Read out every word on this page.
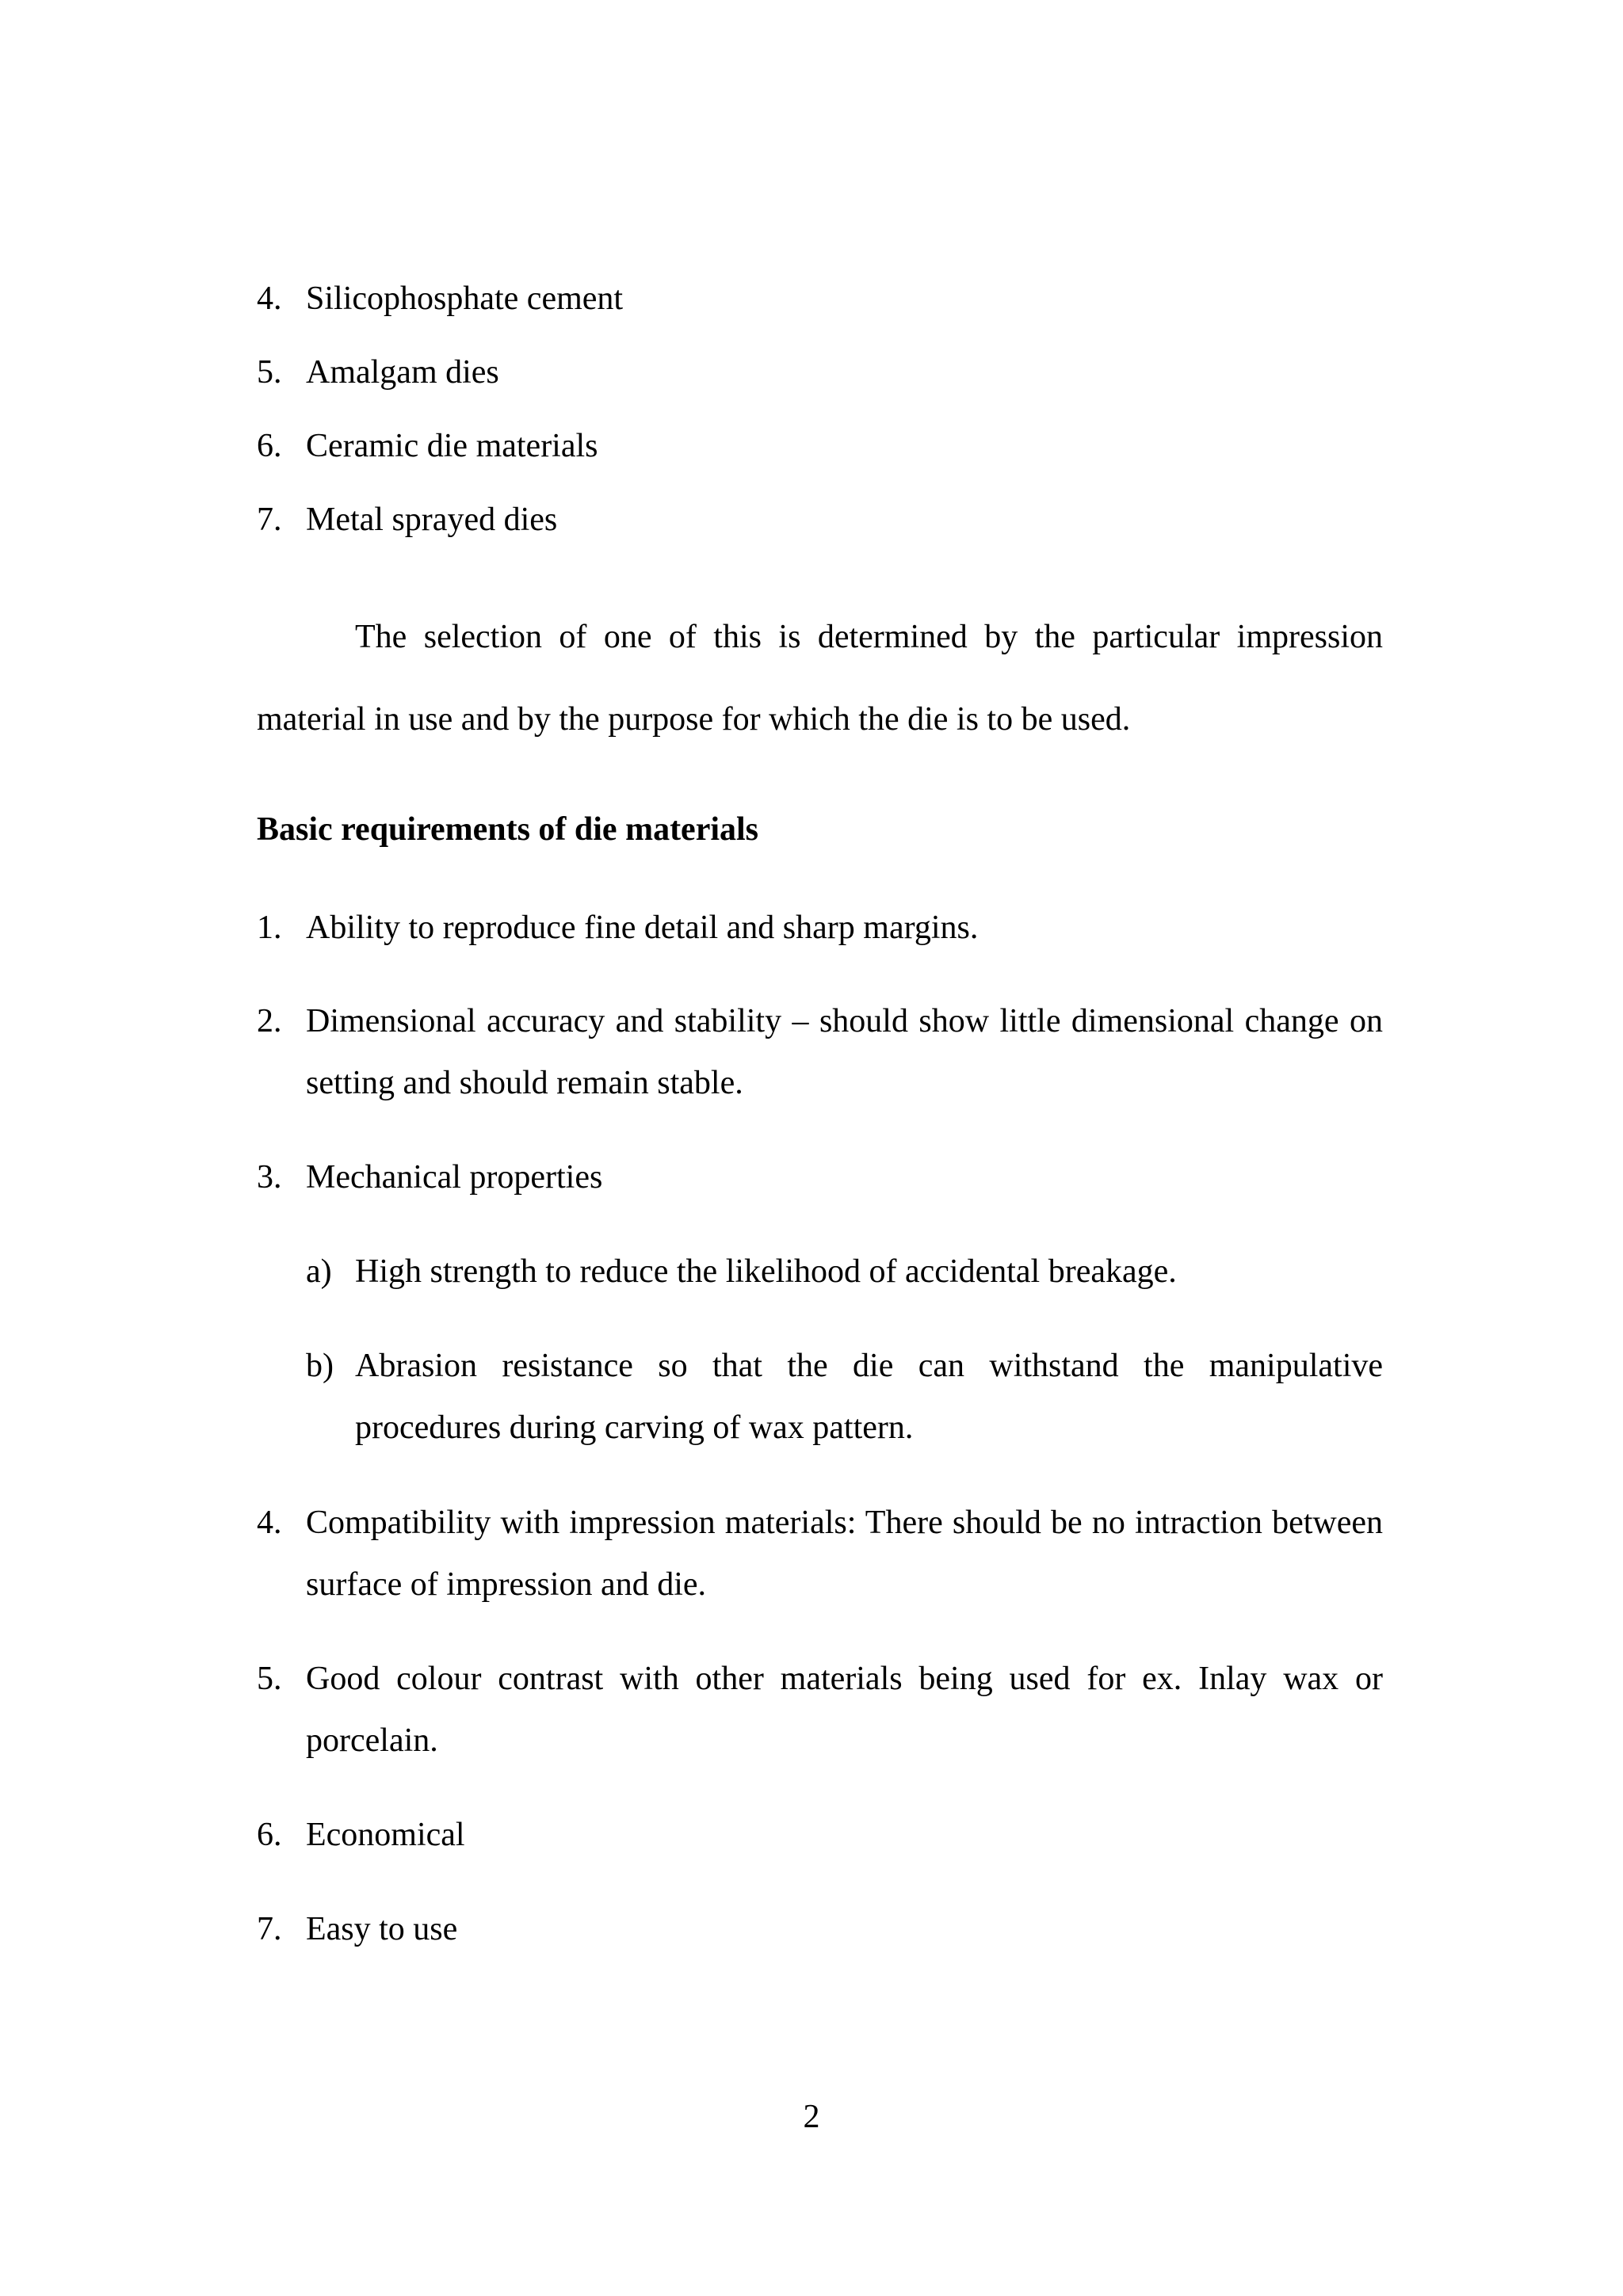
4. Silicophosphate cement
5. Amalgam dies
6. Ceramic die materials
7. Metal sprayed dies
The selection of one of this is determined by the particular impression material in use and by the purpose for which the die is to be used.
Basic requirements of die materials
1. Ability to reproduce fine detail and sharp margins.
2. Dimensional accuracy and stability – should show little dimensional change on setting and should remain stable.
3. Mechanical properties
a) High strength to reduce the likelihood of accidental breakage.
b) Abrasion resistance so that the die can withstand the manipulative procedures during carving of wax pattern.
4. Compatibility with impression materials: There should be no intraction between surface of impression and die.
5. Good colour contrast with other materials being used for ex. Inlay wax or porcelain.
6. Economical
7. Easy to use
2
